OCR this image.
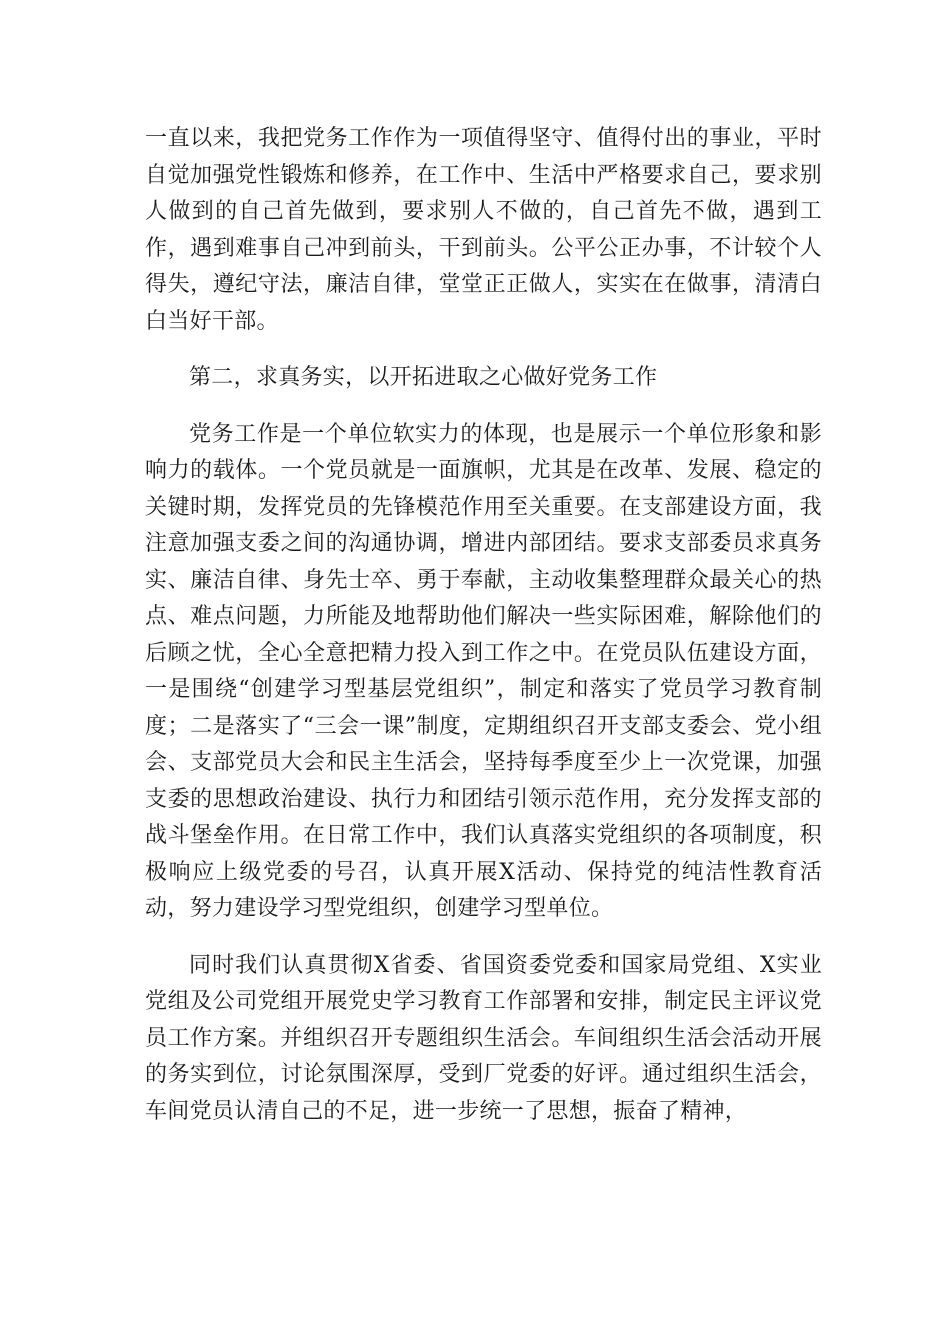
一直以来，我把党务工作作为一项值得坚守、值得付出的事业，平时自觉加强党性锻炼和修养，在工作中、生活中严格要求自己，要求别人做到的自己首先做到，要求别人不做的，自己首先不做，遇到工作，遇到难事自己冲到前头，干到前头。公平公正办事，不计较个人得失，遵纪守法，廉洁自律，堂堂正正做人，实实在在做事，清清白白当好干部。

第二，求真务实，以开拓进取之心做好党务工作

党务工作是一个单位软实力的体现，也是展示一个单位形象和影响力的载体。一个党员就是一面旗帜，尤其是在改革、发展、稳定的关键时期，发挥党员的先锋模范作用至关重要。在支部建设方面，我注意加强支委之间的沟通协调，增进内部团结。要求支部委员求真务实、廉洁自律、身先士卒、勇于奉献，主动收集整理群众最关心的热点、难点问题，力所能及地帮助他们解决一些实际困难，解除他们的后顾之忧，全心全意把精力投入到工作之中。在党员队伍建设方面，一是围绕“创建学习型基层党组织”，制定和落实了党员学习教育制度；二是落实了“三会一课”制度，定期组织召开支部支委会、党小组会、支部党员大会和民主生活会，坚持每季度至少上一次党课，加强支委的思想政治建设、执行力和团结引领示范作用，充分发挥支部的战斗堡垒作用。在日常工作中，我们认真落实党组织的各项制度，积极响应上级党委的号召，认真开展X活动、保持党的纯洁性教育活动，努力建设学习型党组织，创建学习型单位。

同时我们认真贯彻X省委、省国资委党委和国家局党组、X实业党组及公司党组开展党史学习教育工作部署和安排，制定民主评议党员工作方案。并组织召开专题组织生活会。车间组织生活会活动开展的务实到位，讨论氛围深厚，受到厂党委的好评。通过组织生活会，车间党员认清自己的不足，进一步统一了思想，振奋了精神，
